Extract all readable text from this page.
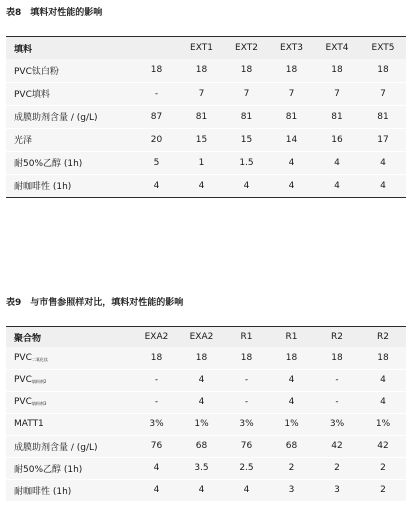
表8　填料对性能的影响
填料		EXT1	EXT2	EXT3	EXT4	EXT5
PVC钛白粉	18	18	18	18	18	18
PVC填料	-	7	7	7	7	7
成膜助剂含量 / (g/L)	87	81	81	81	81	81
光泽	20	15	15	14	16	17
耐50%乙醇 (1h)	5	1	1.5	4	4	4
耐咖啡性 (1h)	4	4	4	4	4	4
表9　与市售参照样对比，填料对性能的影响
聚合物	EXA2	EXA2	R1	R1	R2	R2
$PVC_{二氧化钛}$	18	18	18	18	18	18
$PVC_{填料剂2}$	-	4	-	4	-	4
$PVC_{填料剂3}$	-	4	-	4	-	4
MATT1	3%	1%	3%	1%	3%	1%
成膜助剂含量 / (g/L)	76	68	76	68	42	42
耐50%乙醇 (1h)	4	3.5	2.5	2	2	2
耐咖啡性 (1h)	4	4	4	3	3	2
